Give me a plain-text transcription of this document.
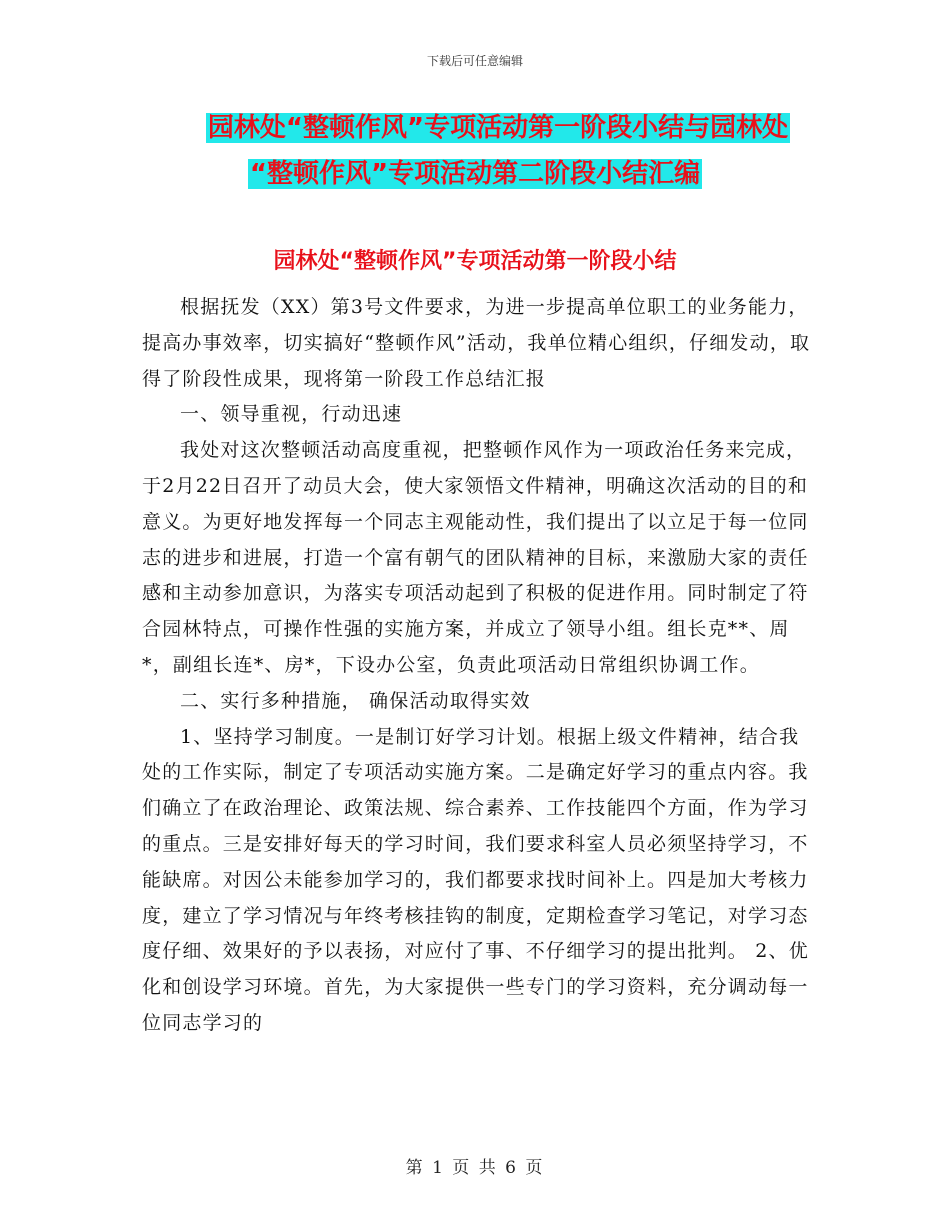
下载后可任意编辑
园林处“整顿作风”专项活动第一阶段小结与园林处
“整顿作风”专项活动第二阶段小结汇编
园林处“整顿作风”专项活动第一阶段小结

根据抚发（XX）第3号文件要求，为进一步提高单位职工的业务能力，提高办事效率，切实搞好“整顿作风”活动，我单位精心组织，仔细发动，取得了阶段性成果，现将第一阶段工作总结汇报

一、领导重视，行动迅速

我处对这次整顿活动高度重视，把整顿作风作为一项政治任务来完成，于2月22日召开了动员大会，使大家领悟文件精神，明确这次活动的目的和意义。为更好地发挥每一个同志主观能动性，我们提出了以立足于每一位同志的进步和进展，打造一个富有朝气的团队精神的目标，来激励大家的责任感和主动参加意识，为落实专项活动起到了积极的促进作用。同时制定了符合园林特点，可操作性强的实施方案，并成立了领导小组。组长克**、周*，副组长连*、房*，下设办公室，负责此项活动日常组织协调工作。

二、实行多种措施， 确保活动取得实效

1、坚持学习制度。一是制订好学习计划。根据上级文件精神，结合我处的工作实际，制定了专项活动实施方案。二是确定好学习的重点内容。我们确立了在政治理论、政策法规、综合素养、工作技能四个方面，作为学习的重点。三是安排好每天的学习时间，我们要求科室人员必须坚持学习，不能缺席。对因公未能参加学习的，我们都要求找时间补上。四是加大考核力度，建立了学习情况与年终考核挂钩的制度，定期检查学习笔记，对学习态度仔细、效果好的予以表扬，对应付了事、不仔细学习的提出批判。 2、优化和创设学习环境。首先，为大家提供一些专门的学习资料，充分调动每一位同志学习的

第 1 页 共 6 页
